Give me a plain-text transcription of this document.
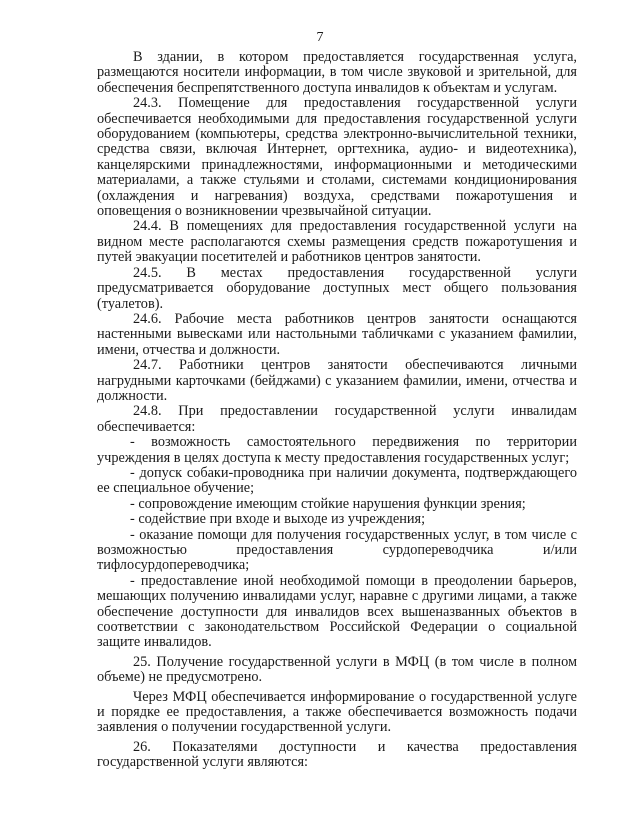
7

В здании, в котором предоставляется государственная услуга, размещаются носители информации, в том числе звуковой и зрительной, для обеспечения беспрепятственного доступа инвалидов к объектам и услугам.

24.3. Помещение для предоставления государственной услуги обеспечивается необходимыми для предоставления государственной услуги оборудованием (компьютеры, средства электронно-вычислительной техники, средства связи, включая Интернет, оргтехника, аудио- и видеотехника), канцелярскими принадлежностями, информационными и методическими материалами, а также стульями и столами, системами кондиционирования (охлаждения и нагревания) воздуха, средствами пожаротушения и оповещения о возникновении чрезвычайной ситуации.

24.4. В помещениях для предоставления государственной услуги на видном месте располагаются схемы размещения средств пожаротушения и путей эвакуации посетителей и работников центров занятости.

24.5. В местах предоставления государственной услуги предусматривается оборудование доступных мест общего пользования (туалетов).

24.6. Рабочие места работников центров занятости оснащаются настенными вывесками или настольными табличками с указанием фамилии, имени, отчества и должности.

24.7. Работники центров занятости обеспечиваются личными нагрудными карточками (бейджами) с указанием фамилии, имени, отчества и должности.

24.8. При предоставлении государственной услуги инвалидам обеспечивается:

- возможность самостоятельного передвижения по территории учреждения в целях доступа к месту предоставления государственных услуг;

- допуск собаки-проводника при наличии документа, подтверждающего ее специальное обучение;

- сопровождение имеющим стойкие нарушения функции зрения;

- содействие при входе и выходе из учреждения;

- оказание помощи для получения государственных услуг, в том числе с возможностью предоставления сурдопереводчика и/или тифлосурдопереводчика;

- предоставление иной необходимой помощи в преодолении барьеров, мешающих получению инвалидами услуг, наравне с другими лицами, а также обеспечение доступности для инвалидов всех вышеназванных объектов в соответствии с законодательством Российской Федерации о социальной защите инвалидов.

25. Получение государственной услуги в МФЦ (в том числе в полном объеме) не предусмотрено.

Через МФЦ обеспечивается информирование о государственной услуге и порядке ее предоставления, а также обеспечивается возможность подачи заявления о получении государственной услуги.

26. Показателями доступности и качества предоставления государственной услуги являются:
